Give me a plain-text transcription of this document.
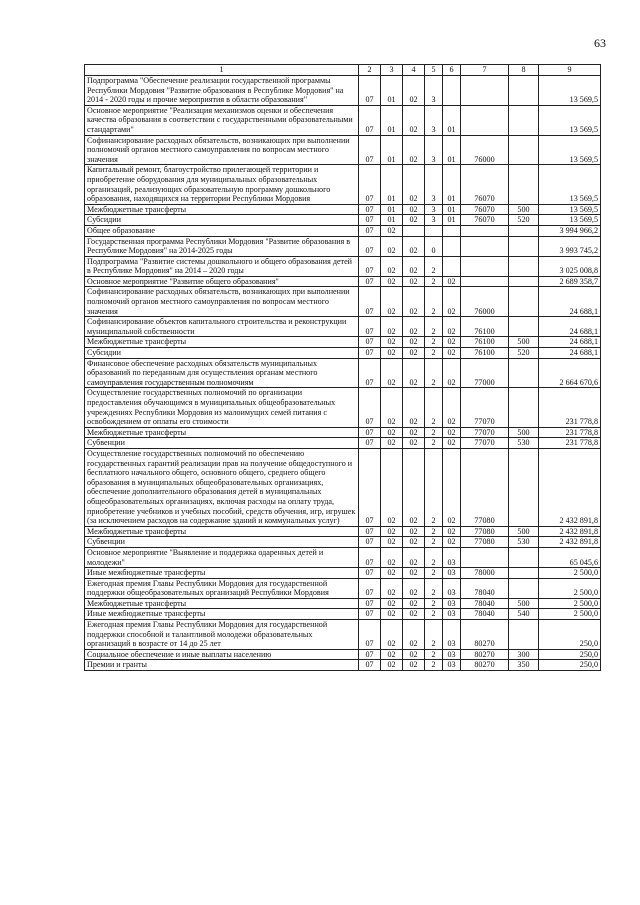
63
1	2	3	4	5	6	7	8	9
Подпрограмма "Обеспечение реализации государственной программы Республики Мордовия "Развитие образования в Республике Мордовия" на 2014 - 2020 годы и прочие мероприятия в области образования"	07	01	02	3				13 569,5
Основное мероприятие "Реализация механизмов оценки и обеспечения качества образования в соответствии с государственными образовательными стандартами"	07	01	02	3	01			13 569,5
Софинансирование расходных обязательств, возникающих при выполнении полномочий органов местного самоуправления по вопросам местного значения	07	01	02	3	01	76000		13 569,5
Капитальный ремонт, благоустройство прилегающей территории и приобретение оборудования для муниципальных образовательных организаций, реализующих образовательную программу дошкольного образования, находящихся на территории Республики Мордовия	07	01	02	3	01	76070		13 569,5
Межбюджетные трансферты	07	01	02	3	01	76070	500	13 569,5
Субсидии	07	01	02	3	01	76070	520	13 569,5
Общее образование	07	02						3 994 966,2
Государственная программа Республики Мордовия "Развитие образования в Республике Мордовия" на 2014-2025 годы	07	02	02	0				3 993 745,2
Подпрограмма "Развитие системы дошкольного и общего образования детей в Республике Мордовия" на 2014 – 2020 годы	07	02	02	2				3 025 008,8
Основное мероприятие "Развитие общего образования"	07	02	02	2	02			2 689 358,7
Софинансирование расходных обязательств, возникающих при выполнении полномочий органов местного самоуправления по вопросам местного значения	07	02	02	2	02	76000		24 688,1
Софинансирование объектов капитального строительства и реконструкции муниципальной собственности	07	02	02	2	02	76100		24 688,1
Межбюджетные трансферты	07	02	02	2	02	76100	500	24 688,1
Субсидии	07	02	02	2	02	76100	520	24 688,1
Финансовое обеспечение расходных обязательств муниципальных образований по переданным для осуществления органам местного самоуправления государственным полномочиям	07	02	02	2	02	77000		2 664 670,6
Осуществление государственных полномочий по организации предоставления обучающимся в муниципальных общеобразовательных учреждениях Республики Мордовия из малоимущих семей питания с освобождением от оплаты его стоимости	07	02	02	2	02	77070		231 778,8
Межбюджетные трансферты	07	02	02	2	02	77070	500	231 778,8
Субвенции	07	02	02	2	02	77070	530	231 778,8
Осуществление государственных полномочий по обеспечению государственных гарантий реализации прав на получение общедоступного и бесплатного начального общего, основного общего, среднего общего образования в муниципальных общеобразовательных организациях, обеспечение дополнительного образования детей в муниципальных общеобразовательных организациях, включая расходы на оплату труда, приобретение учебников и учебных пособий, средств обучения, игр, игрушек (за исключением расходов на содержание зданий и коммунальных услуг)	07	02	02	2	02	77080		2 432 891,8
Межбюджетные трансферты	07	02	02	2	02	77080	500	2 432 891,8
Субвенции	07	02	02	2	02	77080	530	2 432 891,8
Основное мероприятие "Выявление и поддержка одаренных детей и молодежи"	07	02	02	2	03			65 045,6
Иные межбюджетные трансферты	07	02	02	2	03	78000		2 500,0
Ежегодная премия Главы Республики Мордовия для государственной поддержки общеобразовательных организаций Республики Мордовия	07	02	02	2	03	78040		2 500,0
Межбюджетные трансферты	07	02	02	2	03	78040	500	2 500,0
Иные межбюджетные трансферты	07	02	02	2	03	78040	540	2 500,0
Ежегодная премия Главы Республики Мордовия для государственной поддержки способной и талантливой молодежи образовательных организаций в возрасте от 14 до 25 лет	07	02	02	2	03	80270		250,0
Социальное обеспечение и иные выплаты населению	07	02	02	2	03	80270	300	250,0
Премии и гранты	07	02	02	2	03	80270	350	250,0
